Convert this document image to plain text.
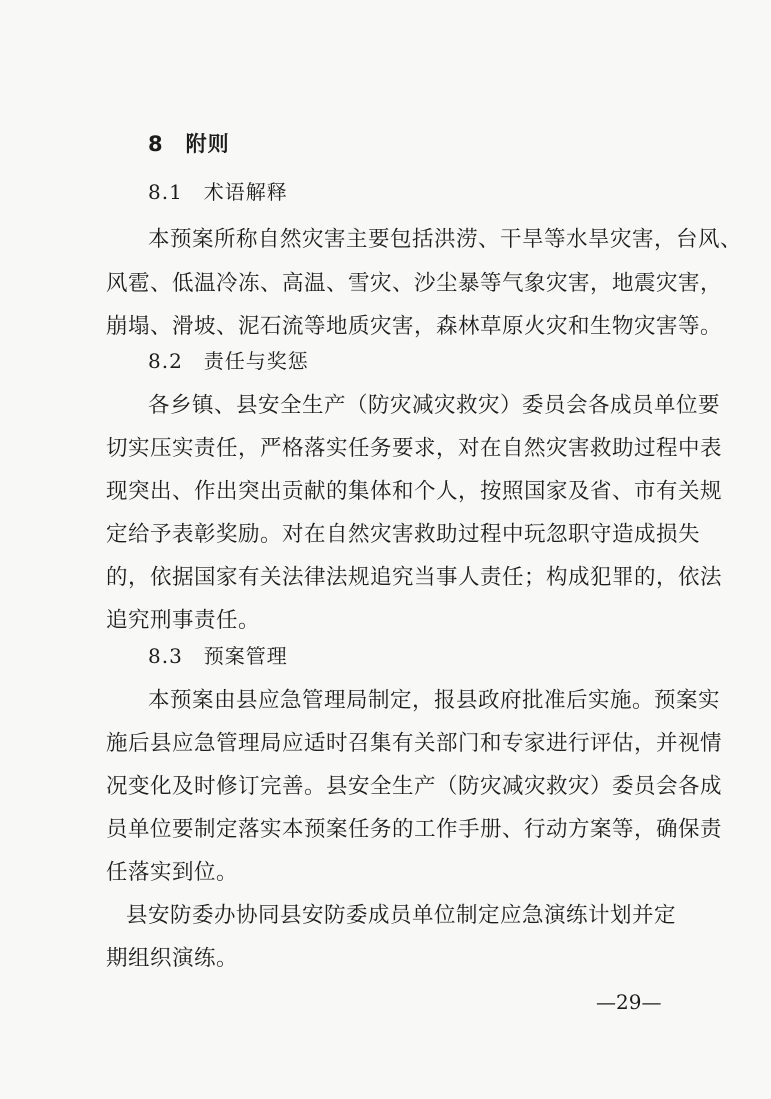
8　附则
8.1　术语解释
本预案所称自然灾害主要包括洪涝、干旱等水旱灾害，台风、
风雹、低温冷冻、高温、雪灾、沙尘暴等气象灾害，地震灾害，
崩塌、滑坡、泥石流等地质灾害，森林草原火灾和生物灾害等。
8.2　责任与奖惩
各乡镇、县安全生产（防灾减灾救灾）委员会各成员单位要
切实压实责任，严格落实任务要求，对在自然灾害救助过程中表
现突出、作出突出贡献的集体和个人，按照国家及省、市有关规
定给予表彰奖励。对在自然灾害救助过程中玩忽职守造成损失
的，依据国家有关法律法规追究当事人责任；构成犯罪的，依法
追究刑事责任。
8.3　预案管理
本预案由县应急管理局制定，报县政府批准后实施。预案实
施后县应急管理局应适时召集有关部门和专家进行评估，并视情
况变化及时修订完善。县安全生产（防灾减灾救灾）委员会各成
员单位要制定落实本预案任务的工作手册、行动方案等，确保责
任落实到位。
县安防委办协同县安防委成员单位制定应急演练计划并定
期组织演练。
—29—
